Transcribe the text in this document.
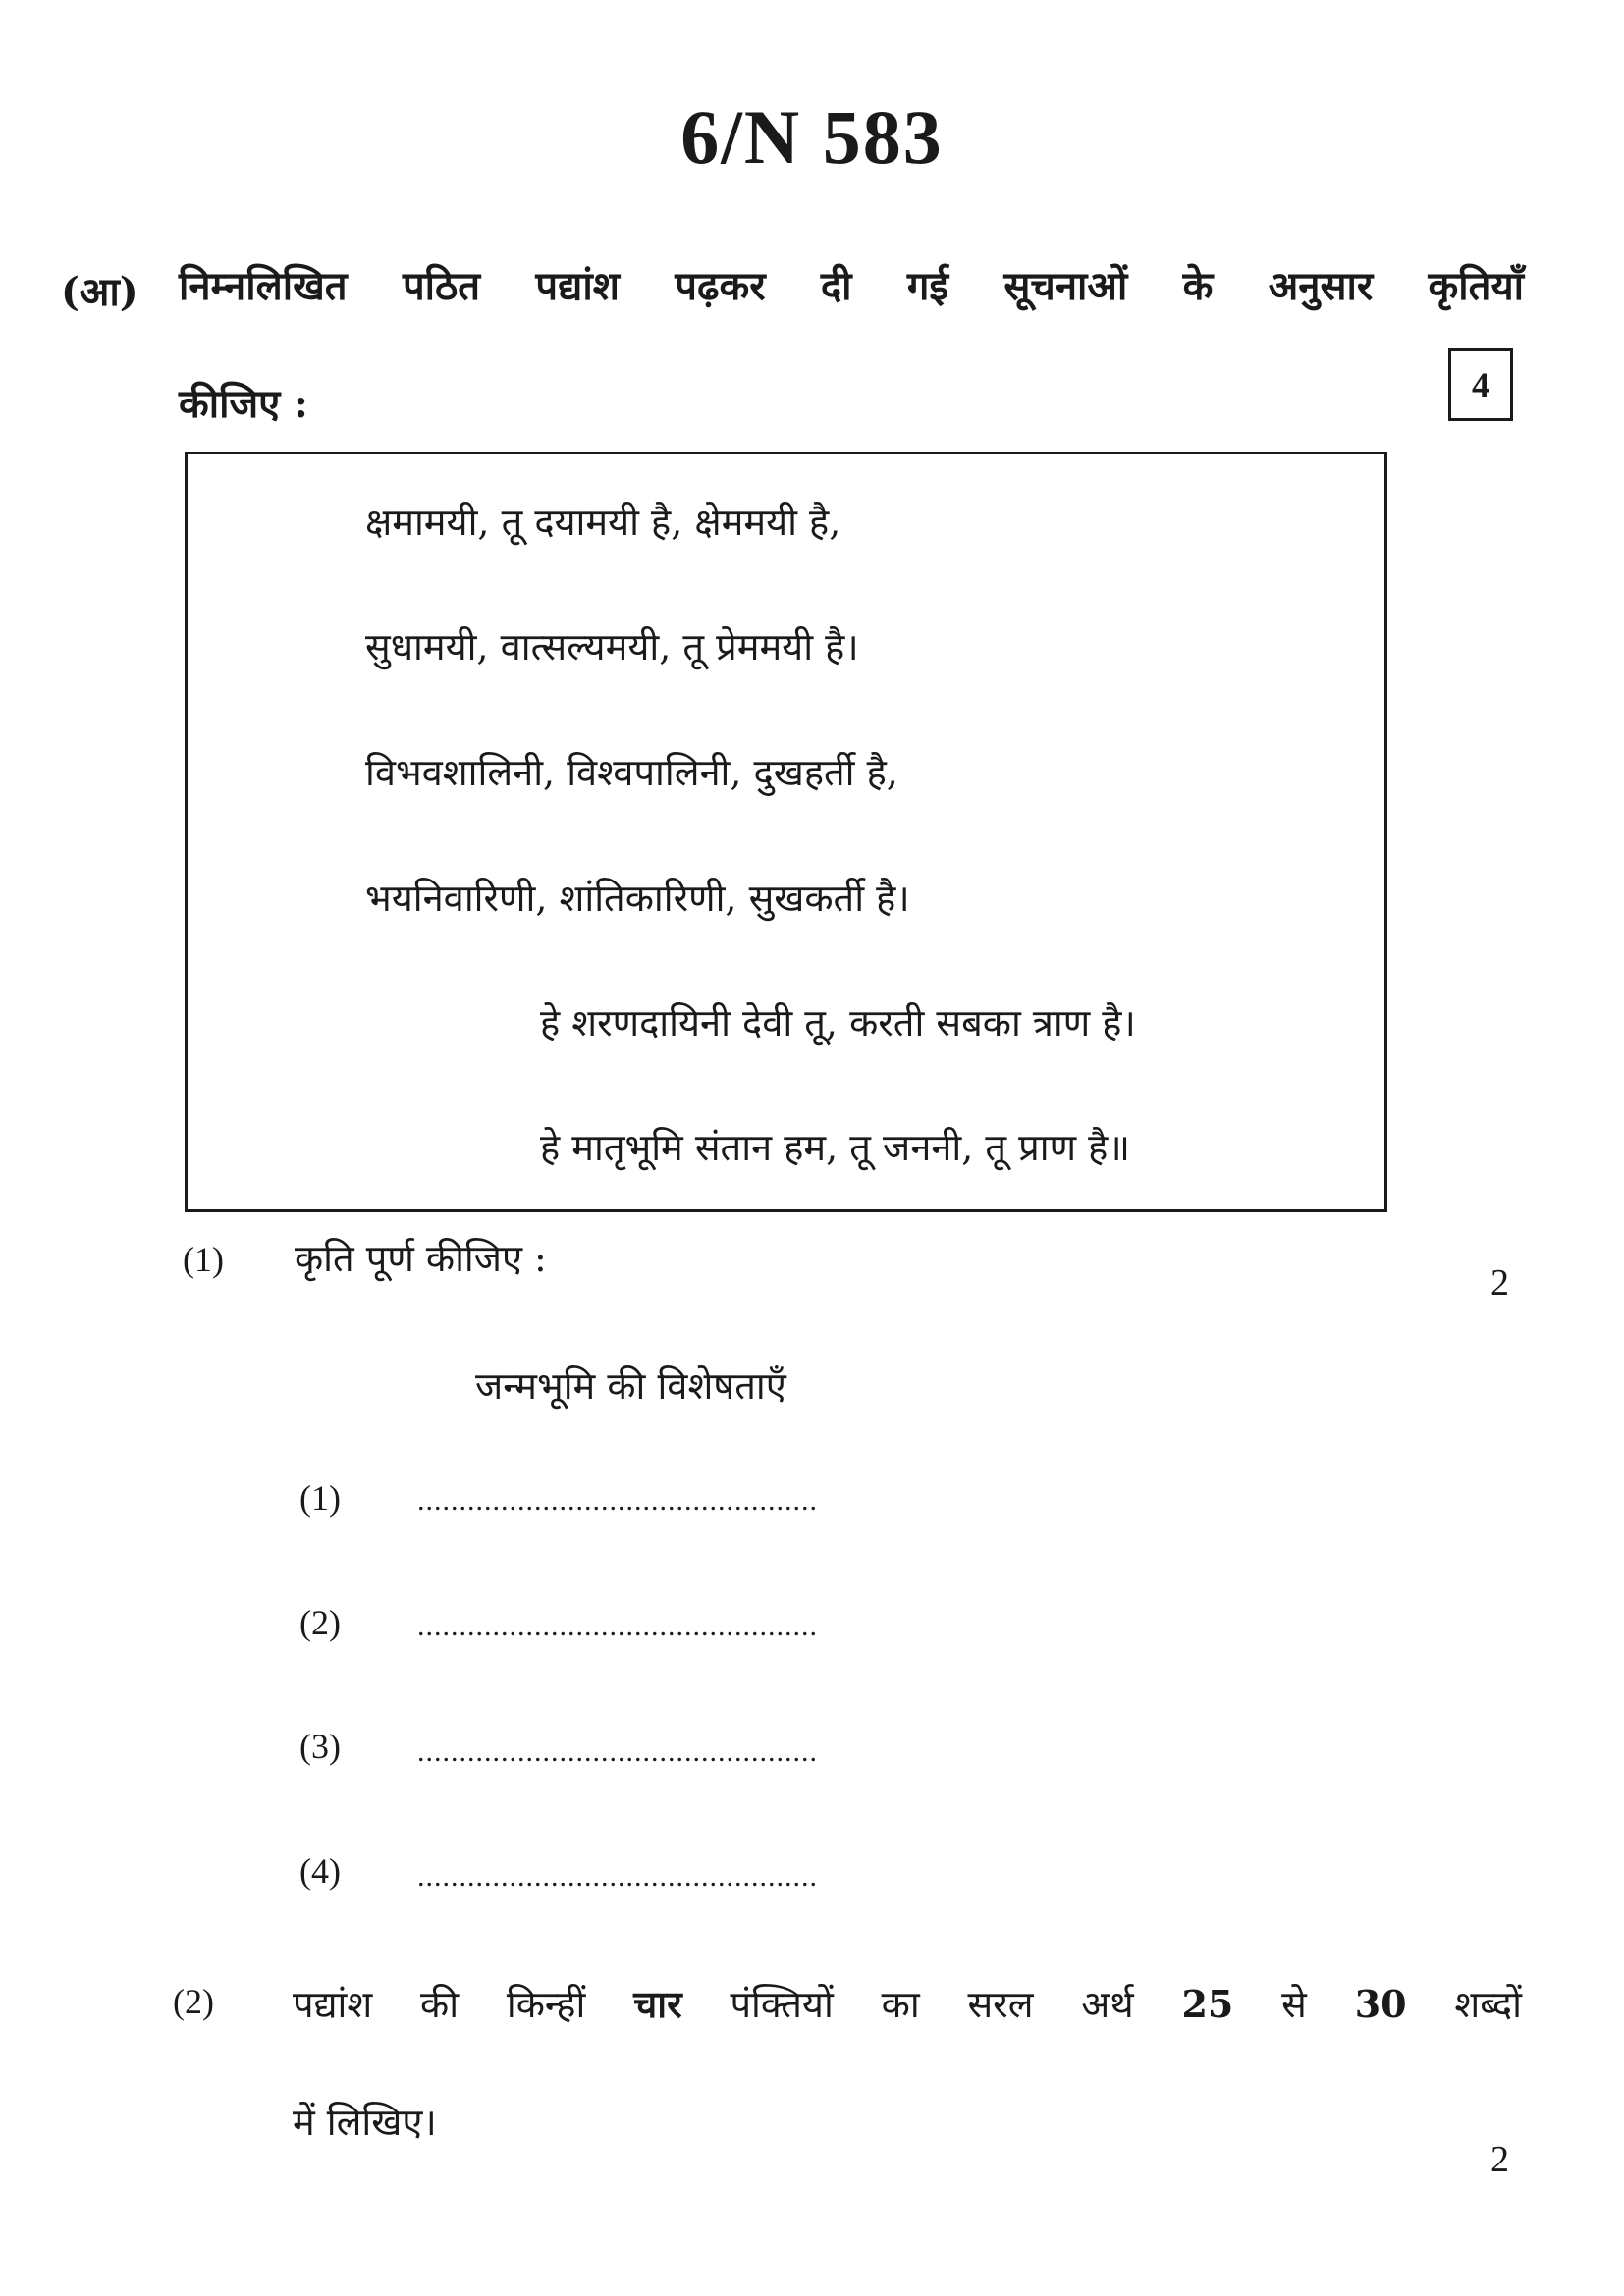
6/N 583
(आ) निम्नलिखित पठित पद्यांश पढ़कर दी गई सूचनाओं के अनुसार कृतियाँ
कीजिए :	4
क्षमामयी, तू दयामयी है, क्षेममयी है,
सुधामयी, वात्सल्यमयी, तू प्रेममयी है।
विभवशालिनी, विश्वपालिनी, दुखहर्ती है,
भयनिवारिणी, शांतिकारिणी, सुखकर्ती है।
हे शरणदायिनी देवी तू, करती सबका त्राण है।
हे मातृभूमि संतान हम, तू जननी, तू प्राण है॥
(1) कृति पूर्ण कीजिए :
2
जन्मभूमि की विशेषताएँ
(1)	................................................
(2)	................................................
(3)	................................................
(4)	................................................
(2) पद्यांश की किन्हीं चार पंक्तियों का सरल अर्थ 25 से 30 शब्दों
में लिखिए।
2
